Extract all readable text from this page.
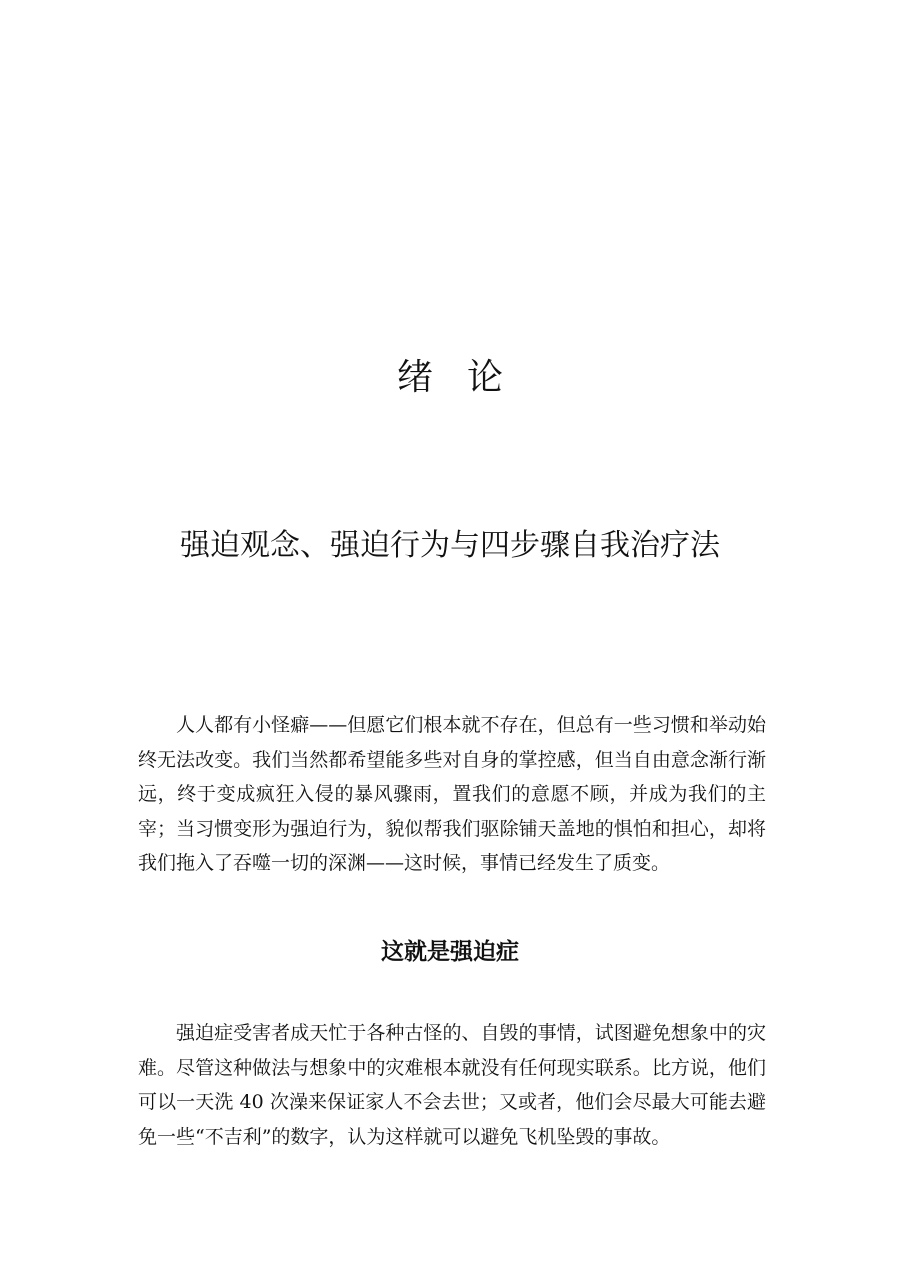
绪论
强迫观念、强迫行为与四步骤自我治疗法

人人都有小怪癖——但愿它们根本就不存在，但总有一些习惯和举动始终无法改变。我们当然都希望能多些对自身的掌控感，但当自由意念渐行渐远，终于变成疯狂入侵的暴风骤雨，置我们的意愿不顾，并成为我们的主宰；当习惯变形为强迫行为，貌似帮我们驱除铺天盖地的惧怕和担心，却将我们拖入了吞噬一切的深渊——这时候，事情已经发生了质变。

这就是强迫症

强迫症受害者成天忙于各种古怪的、自毁的事情，试图避免想象中的灾难。尽管这种做法与想象中的灾难根本就没有任何现实联系。比方说，他们可以一天洗 40 次澡来保证家人不会去世；又或者，他们会尽最大可能去避免一些“不吉利”的数字，认为这样就可以避免飞机坠毁的事故。
